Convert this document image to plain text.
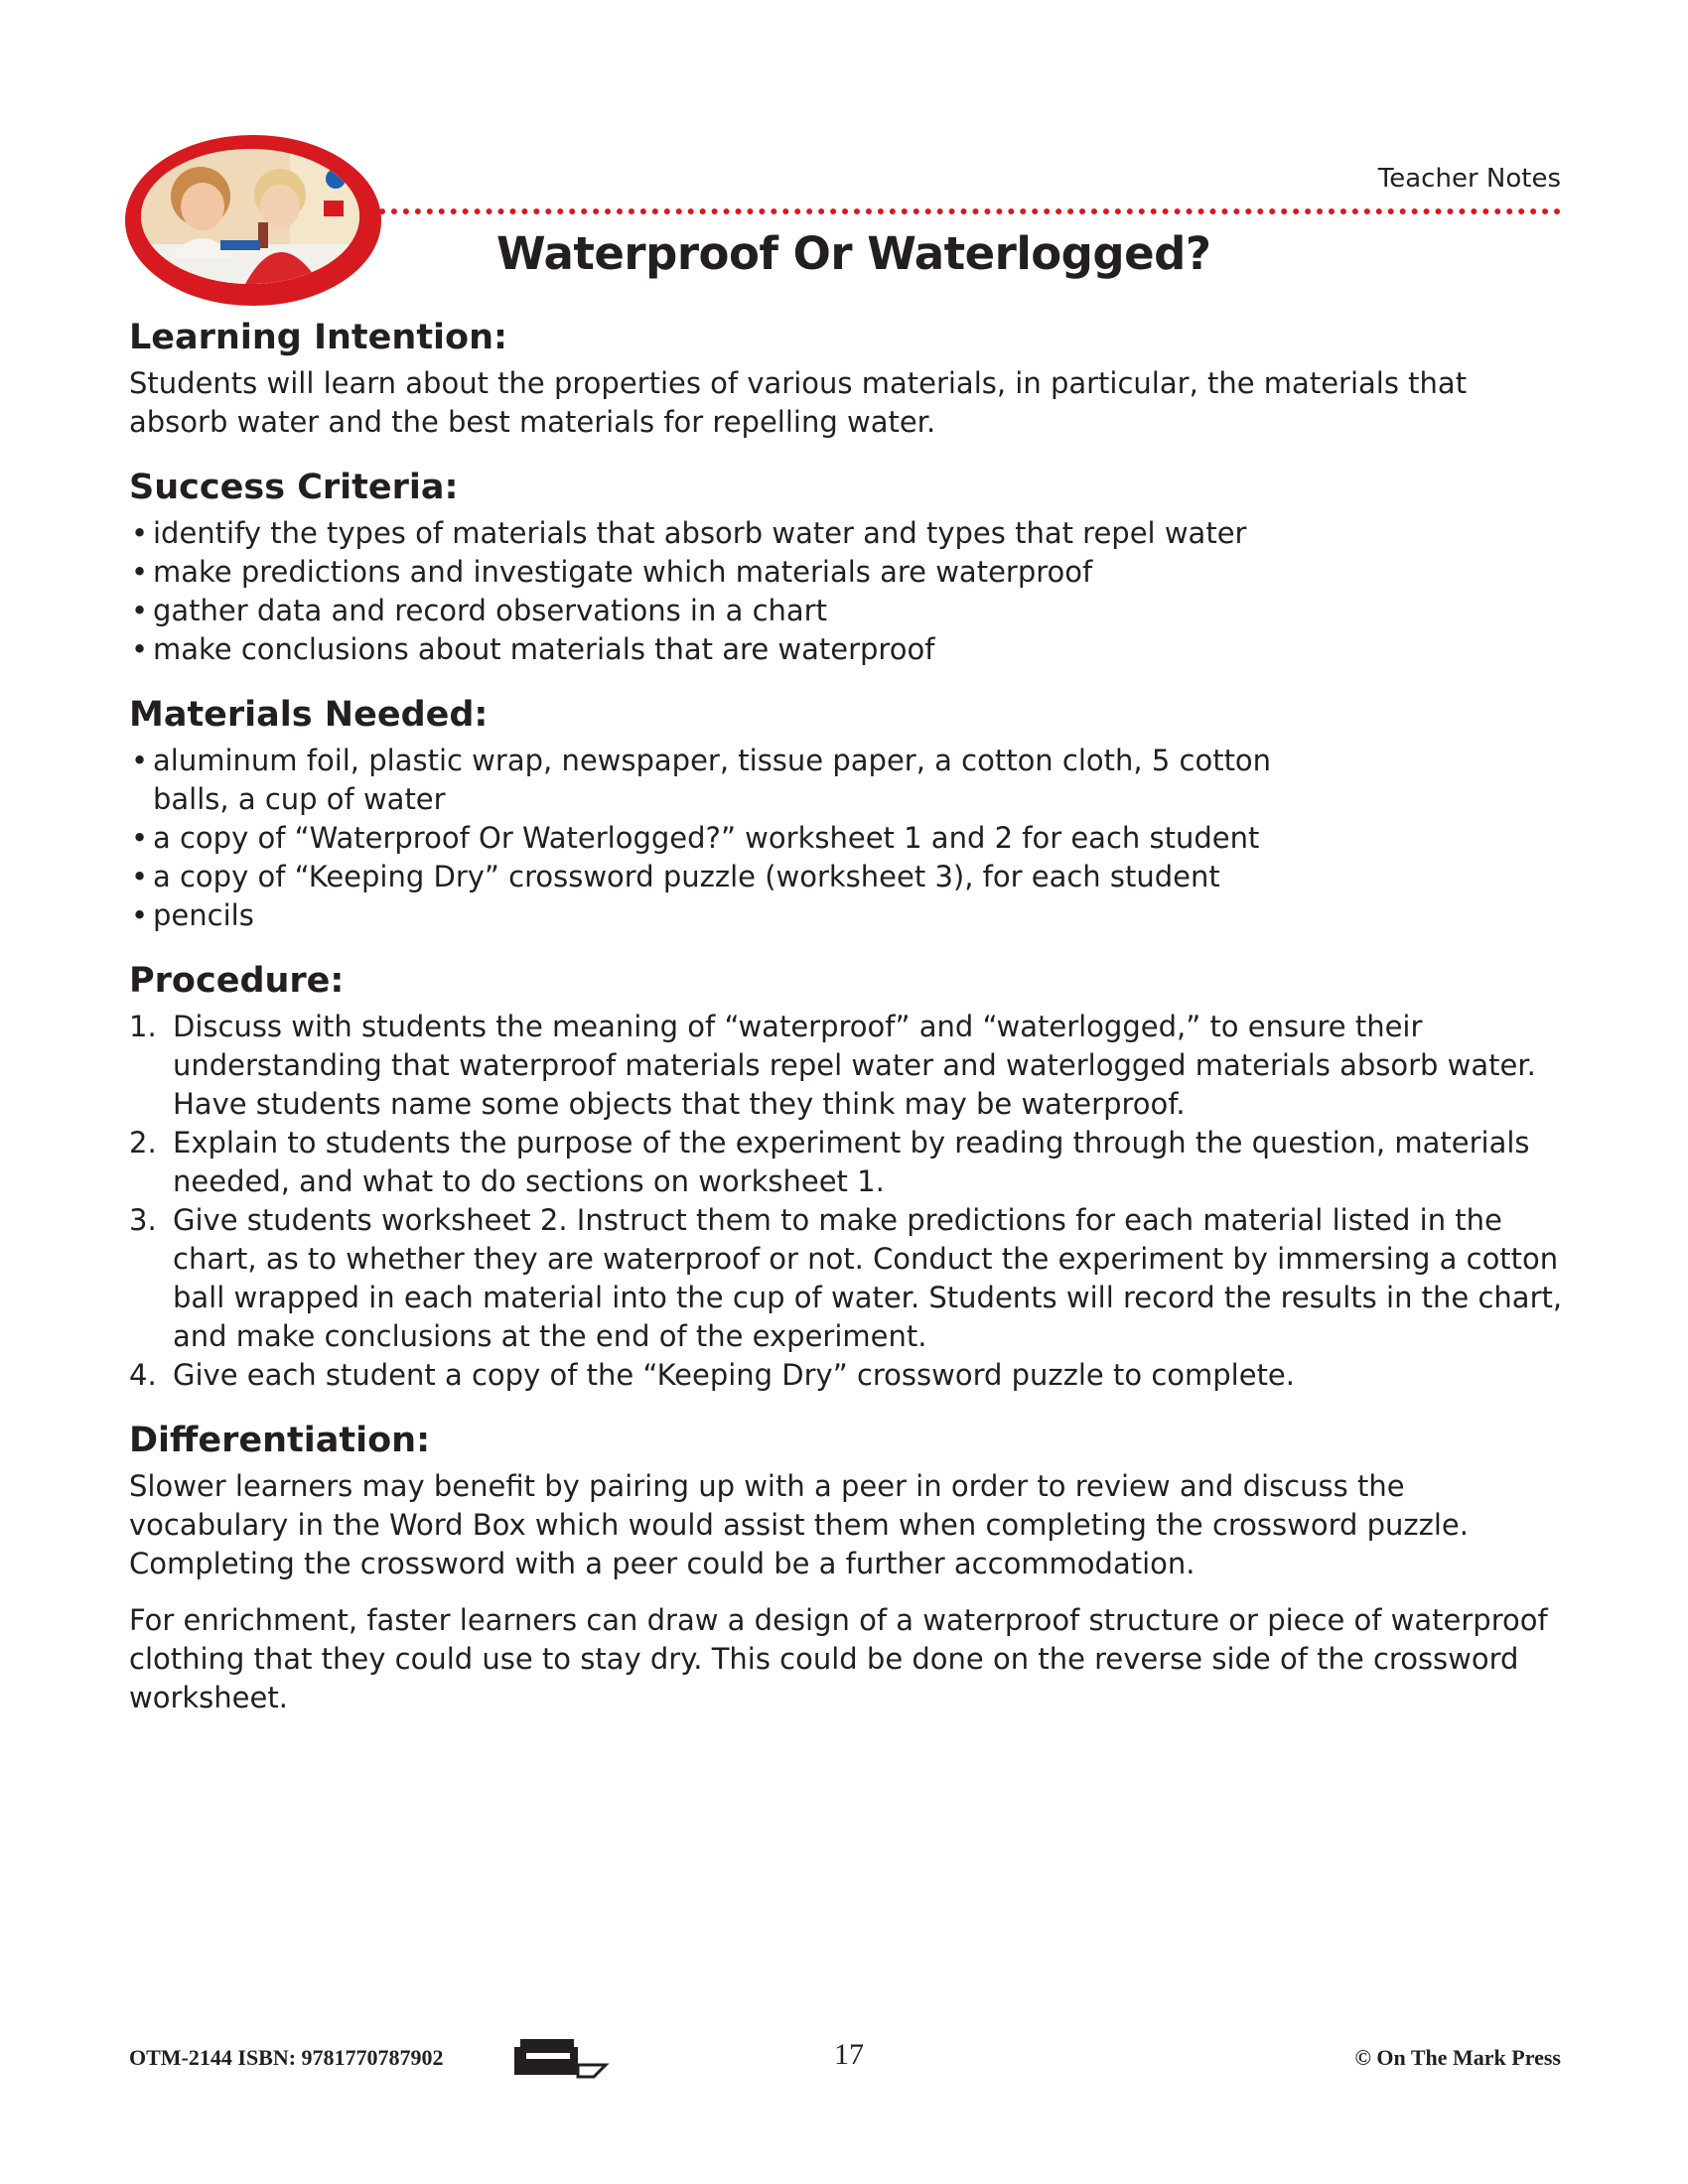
Teacher Notes
Waterproof Or Waterlogged?
Learning Intention:

Students will learn about the properties of various materials, in particular, the materials that absorb water and the best materials for repelling water.

Success Criteria:
• identify the types of materials that absorb water and types that repel water
• make predictions and investigate which materials are waterproof
• gather data and record observations in a chart
• make conclusions about materials that are waterproof
Materials Needed:
• aluminum foil, plastic wrap, newspaper, tissue paper, a cotton cloth, 5 cotton balls, a cup of water
• a copy of “Waterproof Or Waterlogged?” worksheet 1 and 2 for each student
• a copy of “Keeping Dry” crossword puzzle (worksheet 3), for each student
• pencils
Procedure:
1. Discuss with students the meaning of “waterproof” and “waterlogged,” to ensure their understanding that waterproof materials repel water and waterlogged materials absorb water. Have students name some objects that they think may be waterproof.
2. Explain to students the purpose of the experiment by reading through the question, materials needed, and what to do sections on worksheet 1.
3. Give students worksheet 2. Instruct them to make predictions for each material listed in the chart, as to whether they are waterproof or not. Conduct the experiment by immersing a cotton ball wrapped in each material into the cup of water. Students will record the results in the chart, and make conclusions at the end of the experiment.
4. Give each student a copy of the “Keeping Dry” crossword puzzle to complete.
Differentiation:

Slower learners may benefit by pairing up with a peer in order to review and discuss the vocabulary in the Word Box which would assist them when completing the crossword puzzle. Completing the crossword with a peer could be a further accommodation.

For enrichment, faster learners can draw a design of a waterproof structure or piece of waterproof clothing that they could use to stay dry. This could be done on the reverse side of the crossword worksheet.

OTM-2144 ISBN: 9781770787902	17	© On The Mark Press
